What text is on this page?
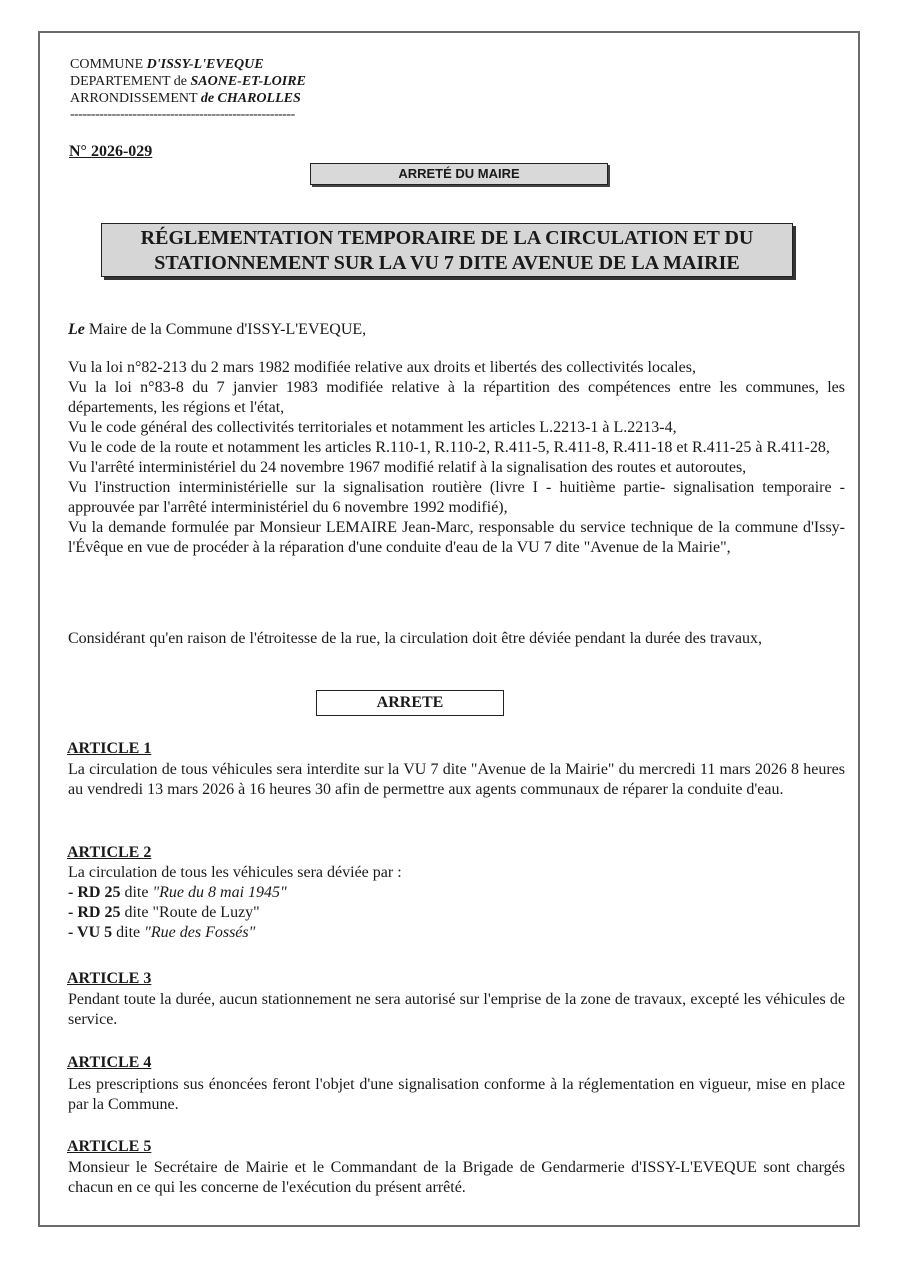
COMMUNE D'ISSY-L'EVEQUE
DEPARTEMENT de SAONE-ET-LOIRE
ARRONDISSEMENT de CHAROLLES
------------------------------------------------------
N° 2026-029
ARRETÉ DU MAIRE
RÉGLEMENTATION TEMPORAIRE DE LA CIRCULATION ET DU
STATIONNEMENT SUR LA VU 7 DITE AVENUE DE LA MAIRIE
Le Maire de la Commune d'ISSY-L'EVEQUE,

Vu la loi n°82-213 du 2 mars 1982 modifiée relative aux droits et libertés des collectivités locales,

Vu la loi n°83-8 du 7 janvier 1983 modifiée relative à la répartition des compétences entre les communes, les départements, les régions et l'état,

Vu le code général des collectivités territoriales et notamment les articles L.2213-1 à L.2213-4,

Vu le code de la route et notamment les articles R.110-1, R.110-2, R.411-5, R.411-8, R.411-18 et R.411-25 à R.411-28,

Vu l'arrêté interministériel du 24 novembre 1967 modifié relatif à la signalisation des routes et autoroutes,

Vu l'instruction interministérielle sur la signalisation routière (livre I - huitième partie- signalisation temporaire - approuvée par l'arrêté interministériel du 6 novembre 1992 modifié),

Vu la demande formulée par Monsieur LEMAIRE Jean-Marc, responsable du service technique de la commune d'Issy-l'Évêque en vue de procéder à la réparation d'une conduite d'eau de la VU 7 dite "Avenue de la Mairie",

Considérant qu'en raison de l'étroitesse de la rue, la circulation doit être déviée pendant la durée des travaux,
ARRETE
ARTICLE 1
La circulation de tous véhicules sera interdite sur la VU 7 dite "Avenue de la Mairie" du mercredi 11 mars 2026 8 heures au vendredi 13 mars 2026 à 16 heures 30 afin de permettre aux agents communaux de réparer la conduite d'eau.
ARTICLE 2
La circulation de tous les véhicules sera déviée par :
- RD 25 dite "Rue du 8 mai 1945"
- RD 25 dite "Route de Luzy"
- VU 5 dite "Rue des Fossés"
ARTICLE 3
Pendant toute la durée, aucun stationnement ne sera autorisé sur l'emprise de la zone de travaux, excepté les véhicules de service.
ARTICLE 4
Les prescriptions sus énoncées feront l'objet d'une signalisation conforme à la réglementation en vigueur, mise en place par la Commune.
ARTICLE 5
Monsieur le Secrétaire de Mairie et le Commandant de la Brigade de Gendarmerie d'ISSY-L'EVEQUE sont chargés chacun en ce qui les concerne de l'exécution du présent arrêté.
